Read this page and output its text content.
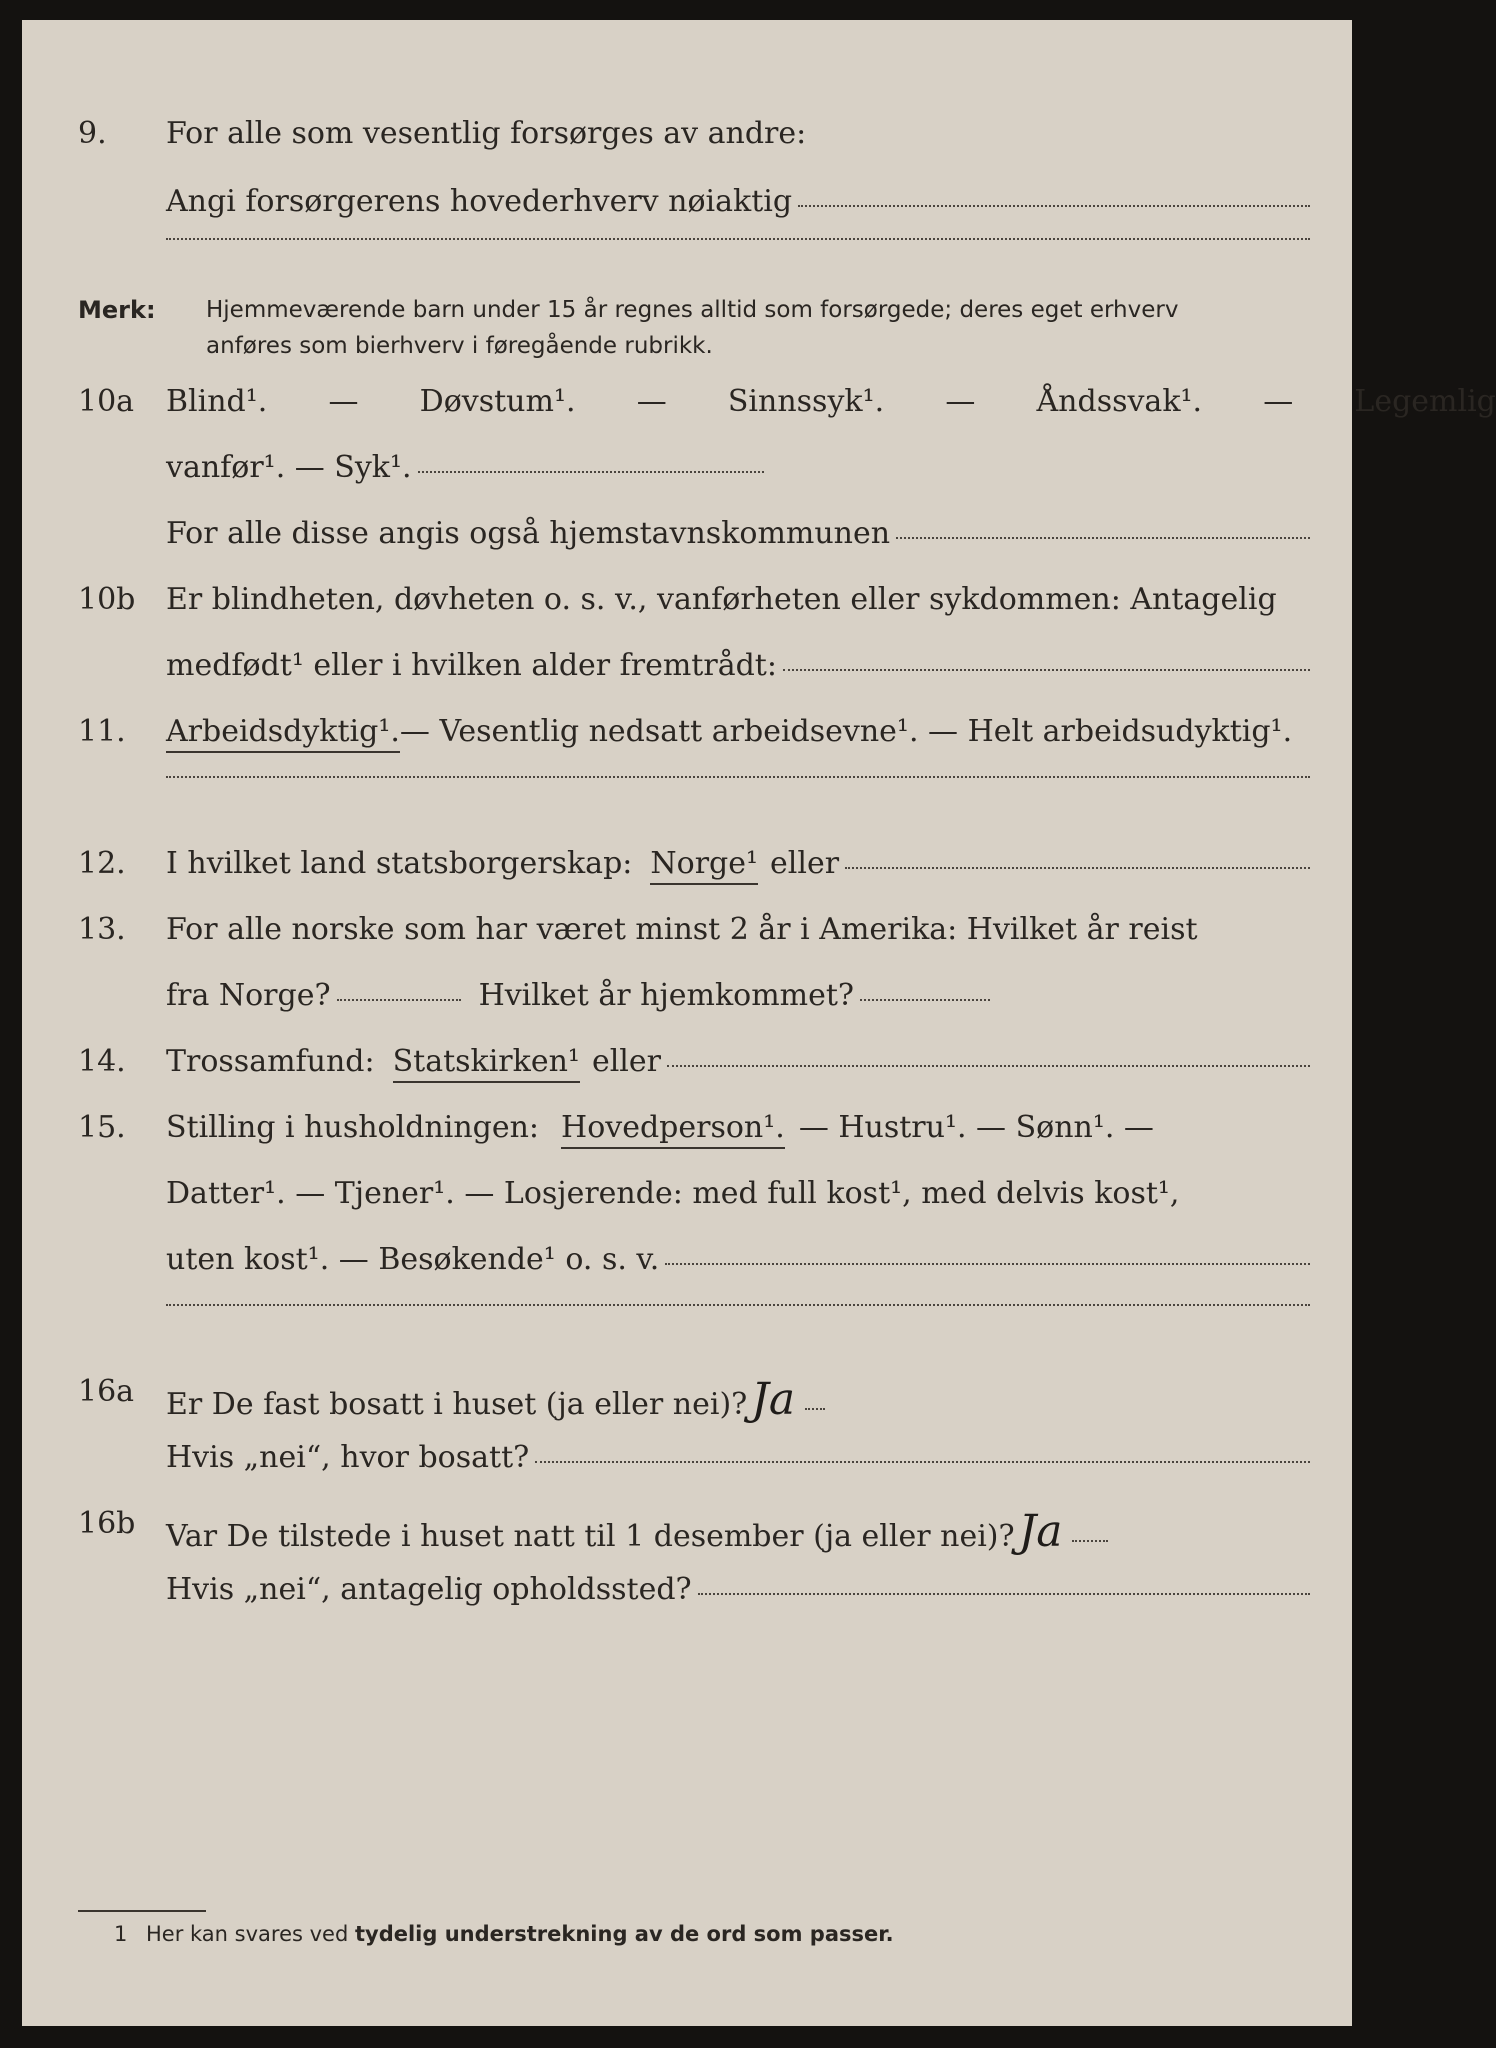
9. For alle som vesentlig forsørges av andre:
Angi forsørgerens hovederhverv nøiaktig
Merk: Hjemmeværende barn under 15 år regnes alltid som forsørgede; deres eget erhverv
anføres som bierhverv i føregående rubrikk.
10a Blind¹. — Døvstum¹. — Sinnssyk¹. — Åndssvak¹. — Legemlig
vanfør¹. — Syk¹.
For alle disse angis også hjemstavnskommunen
10b Er blindheten, døvheten o. s. v., vanførheten eller sykdommen: Antagelig
medfødt¹ eller i hvilken alder fremtrådt:
11. Arbeidsdyktig¹. — Vesentlig nedsatt arbeidsevne¹. — Helt arbeidsudyktig¹.
12. I hvilket land statsborgerskap: Norge¹ eller
13. For alle norske som har været minst 2 år i Amerika: Hvilket år reist
fra Norge?	Hvilket år hjemkommet?
14. Trossamfund: Statskirken¹ eller
15. Stilling i husholdningen: Hovedperson¹. — Hustru¹. — Sønn¹. —
Datter¹. — Tjener¹. — Losjerende: med full kost¹, med delvis kost¹,
uten kost¹. — Besøkende¹ o. s. v.
16a Er De fast bosatt i huset (ja eller nei)? Ja
Hvis „nei“, hvor bosatt?
16b Var De tilstede i huset natt til 1 desember (ja eller nei)? Ja
Hvis „nei“, antagelig opholdssted?
1 Her kan svares ved tydelig understrekning av de ord som passer.
